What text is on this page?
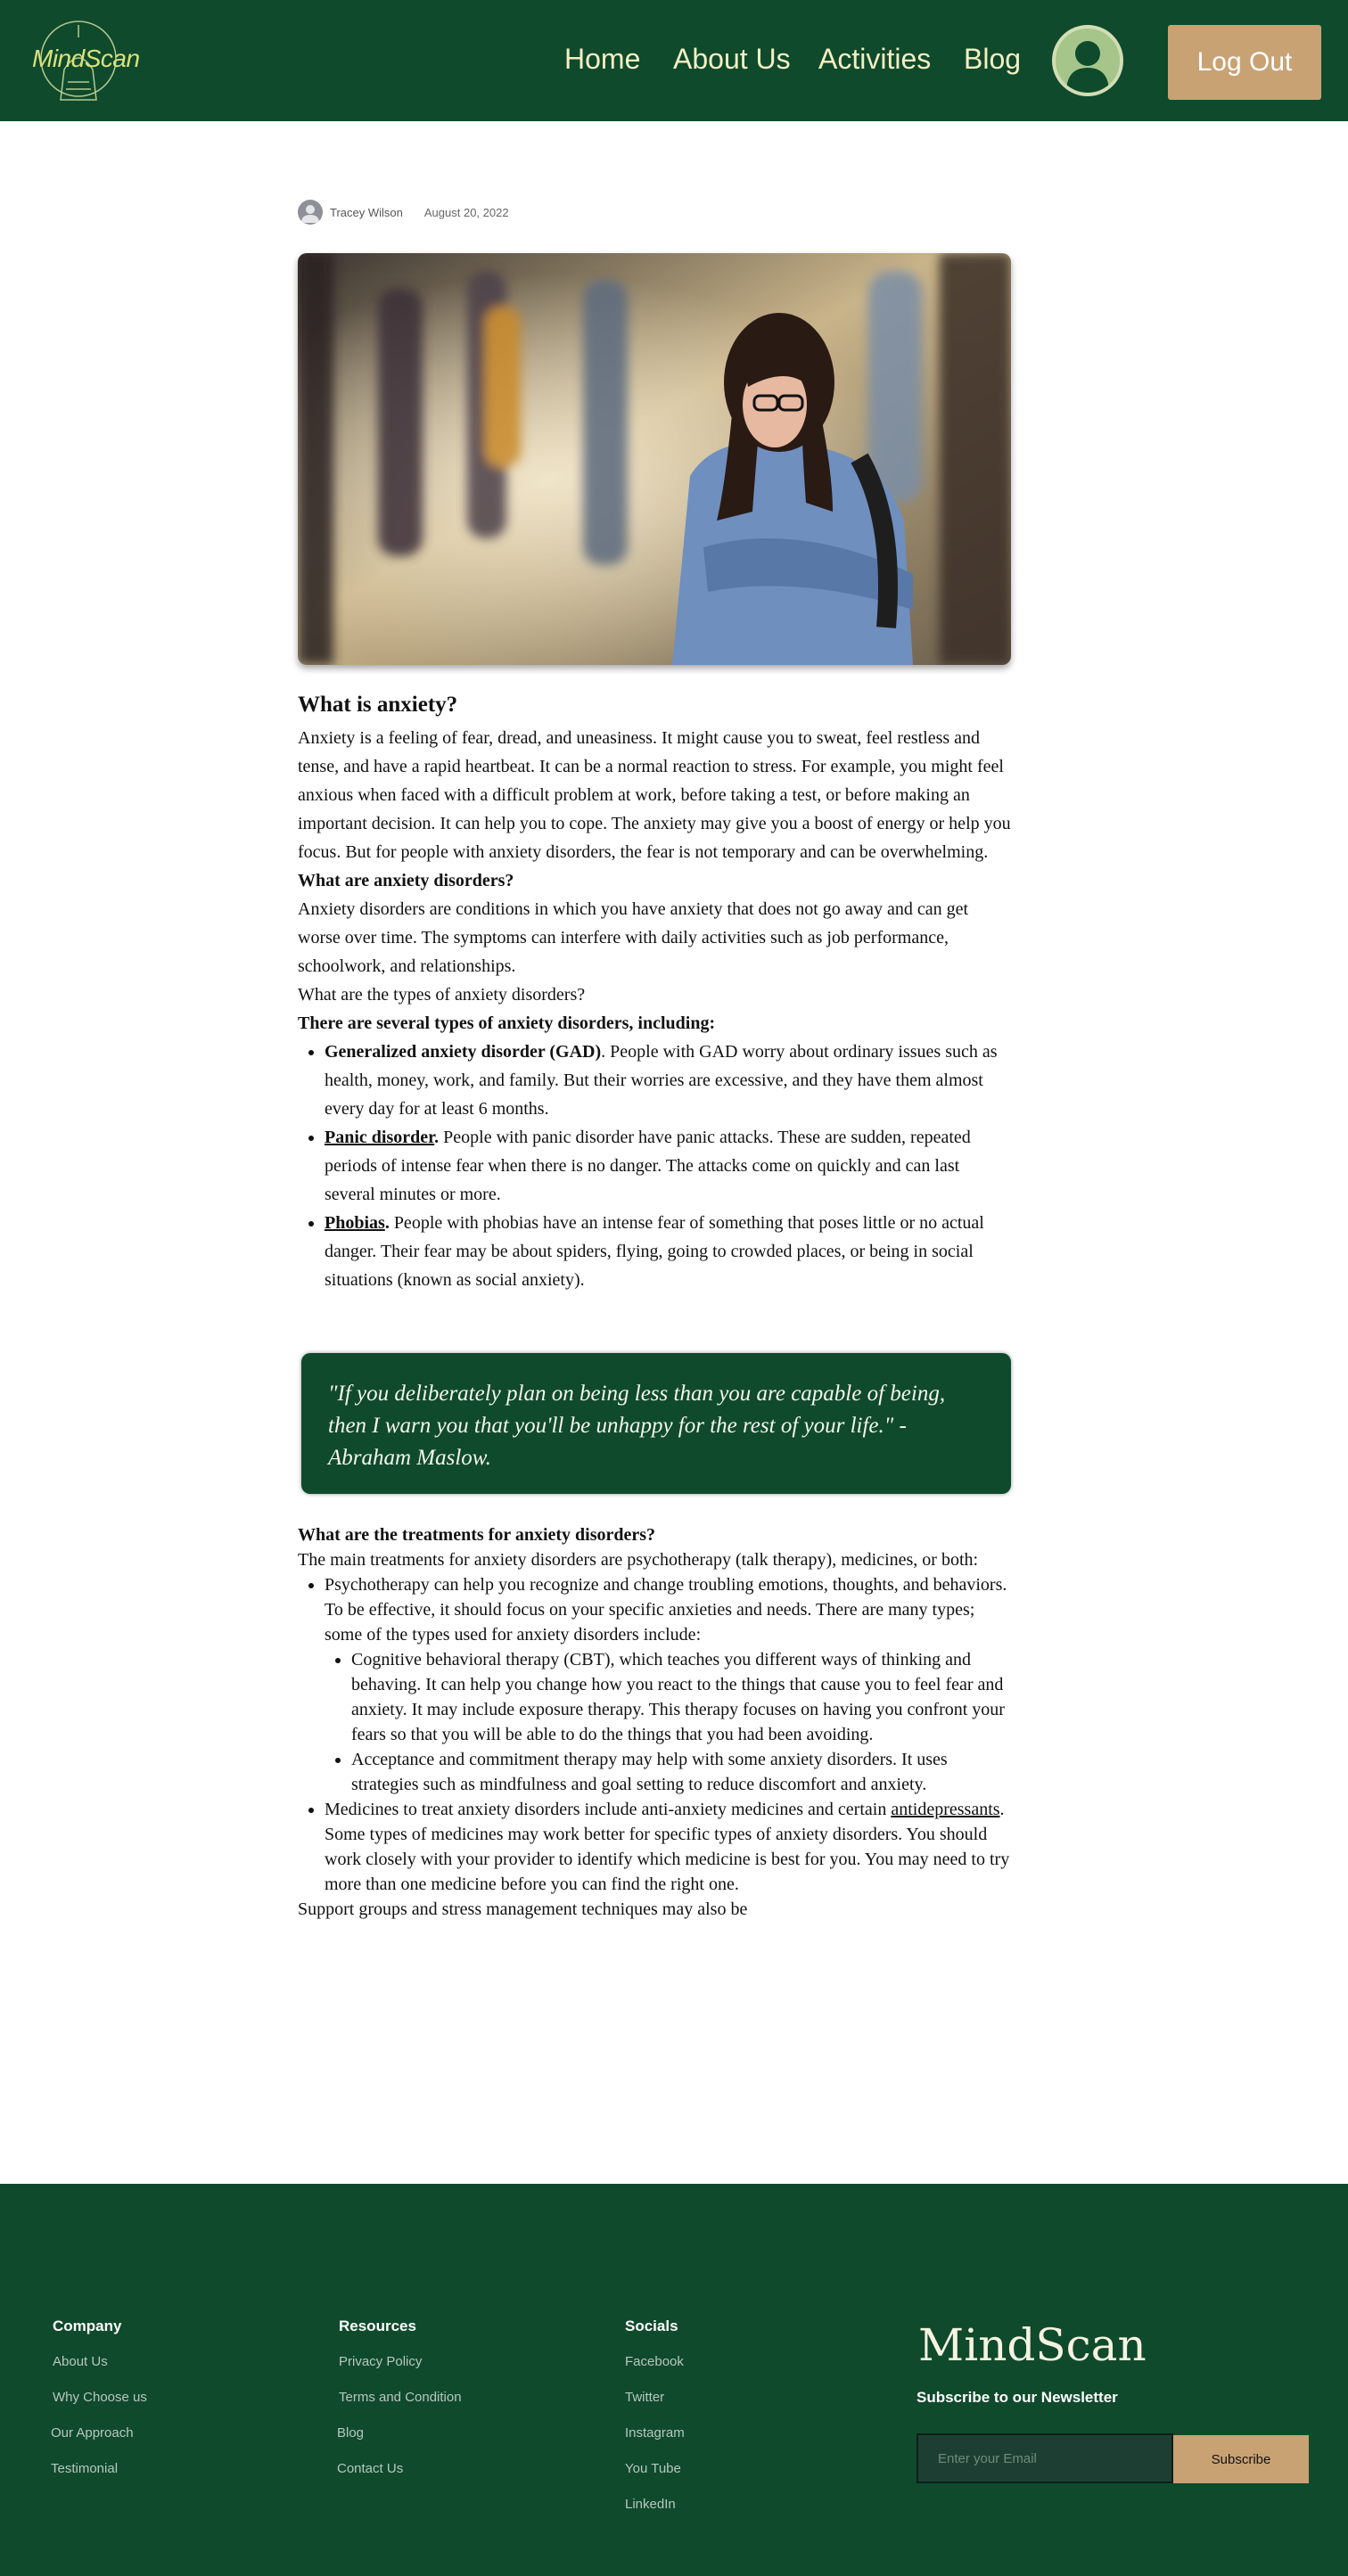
MindScan	Home About Us Activities Blog	Log Out
Tracey Wilson August 20, 2022
What is anxiety?

Anxiety is a feeling of fear, dread, and uneasiness. It might cause you to sweat, feel restless and tense, and have a rapid heartbeat. It can be a normal reaction to stress. For example, you might feel anxious when faced with a difficult problem at work, before taking a test, or before making an important decision. It can help you to cope. The anxiety may give you a boost of energy or help you focus. But for people with anxiety disorders, the fear is not temporary and can be overwhelming.

What are anxiety disorders?

Anxiety disorders are conditions in which you have anxiety that does not go away and can get worse over time. The symptoms can interfere with daily activities such as job performance, schoolwork, and relationships.

What are the types of anxiety disorders?

There are several types of anxiety disorders, including:

• Generalized anxiety disorder (GAD). People with GAD worry about ordinary issues such as health, money, work, and family. But their worries are excessive, and they have them almost every day for at least 6 months.
• Panic disorder. People with panic disorder have panic attacks. These are sudden, repeated periods of intense fear when there is no danger. The attacks come on quickly and can last several minutes or more.
• Phobias. People with phobias have an intense fear of something that poses little or no actual danger. Their fear may be about spiders, flying, going to crowded places, or being in social situations (known as social anxiety).
"If you deliberately plan on being less than you are capable of being, then I warn you that you'll be unhappy for the rest of your life." - Abraham Maslow.

What are the treatments for anxiety disorders?

The main treatments for anxiety disorders are psychotherapy (talk therapy), medicines, or both:

• Psychotherapy can help you recognize and change troubling emotions, thoughts, and behaviors. To be effective, it should focus on your specific anxieties and needs. There are many types; some of the types used for anxiety disorders include:
• Cognitive behavioral therapy (CBT), which teaches you different ways of thinking and behaving. It can help you change how you react to the things that cause you to feel fear and anxiety. It may include exposure therapy. This therapy focuses on having you confront your fears so that you will be able to do the things that you had been avoiding.
• Acceptance and commitment therapy may help with some anxiety disorders. It uses strategies such as mindfulness and goal setting to reduce discomfort and anxiety.
• Medicines to treat anxiety disorders include anti-anxiety medicines and certain antidepressants. Some types of medicines may work better for specific types of anxiety disorders. You should work closely with your provider to identify which medicine is best for you. You may need to try more than one medicine before you can find the right one.

Support groups and stress management techniques may also be

Company
About Us
Why Choose us
Our Approach
Testimonial
Resources
Privacy Policy
Terms and Condition
Blog
Contact Us
Socials
Facebook
Twitter
Instagram
You Tube
LinkedIn
MindScan
Subscribe to our Newsletter
Enter your Email
Subscribe
